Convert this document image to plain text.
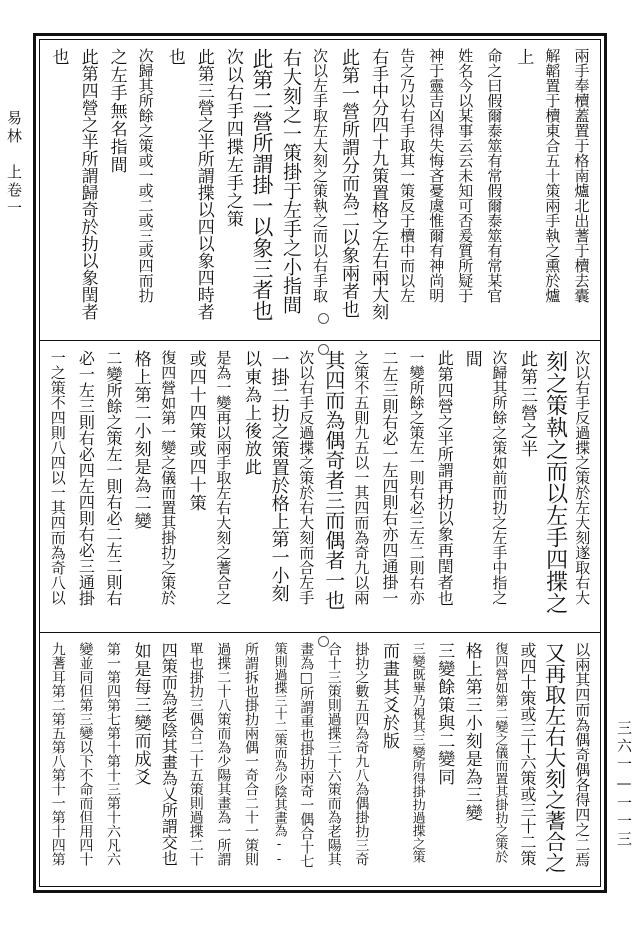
易林　上卷一
三六一—一一三
兩手奉櫝蓋置于格南爐北出蓍于櫝去囊
解韜置于櫝東合五十策兩手執之熏於爐
上
命之曰假爾泰筮有常假爾泰筮有常某官
姓名今以某事云云未知可否爰質所疑于
神于靈吉凶得失悔吝憂虞惟爾有神尚明
告之乃以右手取其一策反于櫝中而以左
右手中分四十九策置格之左右兩大刻
此第一營所謂分而為二以象兩者也
次以左手取左大刻之策執之而以右手取
右大刻之一策掛于左手之小指間
此第二營所謂掛一以象三者也
次以右手四揲左手之策
此第三營之半所謂揲以四以象四時者
也
次歸其所餘之策或一或二或三或四而扐
之左手無名指間
此第四營之半所謂歸奇於扐以象閏者
也
次以右手反過揲之策於左大刻遂取右大
刻之策執之而以左手四揲之
此第三營之半
次歸其所餘之策如前而扐之左手中指之
間
此第四營之半所謂再扐以象再閏者也
一變所餘之策左一則右必三左二則右亦
二左三則右必一左四則右亦四通掛一
之策不五則九五以一其四而為奇九以兩
其四而為偶奇者三而偶者一也
次以右手反過揲之策於右大刻而合左手
一掛二扐之策置於格上第一小刻
以東為上後放此
是為一變再以兩手取左右大刻之蓍合之
或四十四策或四十策
復四營如第一變之儀而置其掛扐之策於
格上第二小刻是為二變
二變所餘之策左一則右必二左二則右
必一左三則右必四左四則右必三通掛
一之策不四則八四以一其四而為奇八以
以兩其四而為偶奇偶各得四之二焉
又再取左右大刻之蓍合之
或四十策或三十六策或三十二策
復四營如第二變之儀而置其掛扐之策於
格上第三小刻是為三變
三變餘策與二變同
三變既畢乃視其三變所得掛扐過揲之策
而畫其爻於版
掛扐之數五四為奇九八為偶掛扐三奇
合十三策則過揲三十六策而為老陽其
畫為□所謂重也掛扐兩奇一偶合十七
策則過揲三十二策而為少陰其畫為--
所謂拆也掛扐兩偶一奇合二十一策則
過揲二十八策而為少陽其畫為一所謂
單也掛扐三偶合二十五策則過揲二十
四策而為老陰其畫為乂所謂交也
如是每三變而成爻
第一第四第七第十第十三第十六凡六
變並同但第三變以下不命而但用四十
九蓍耳第二第五第八第十一第十四第
